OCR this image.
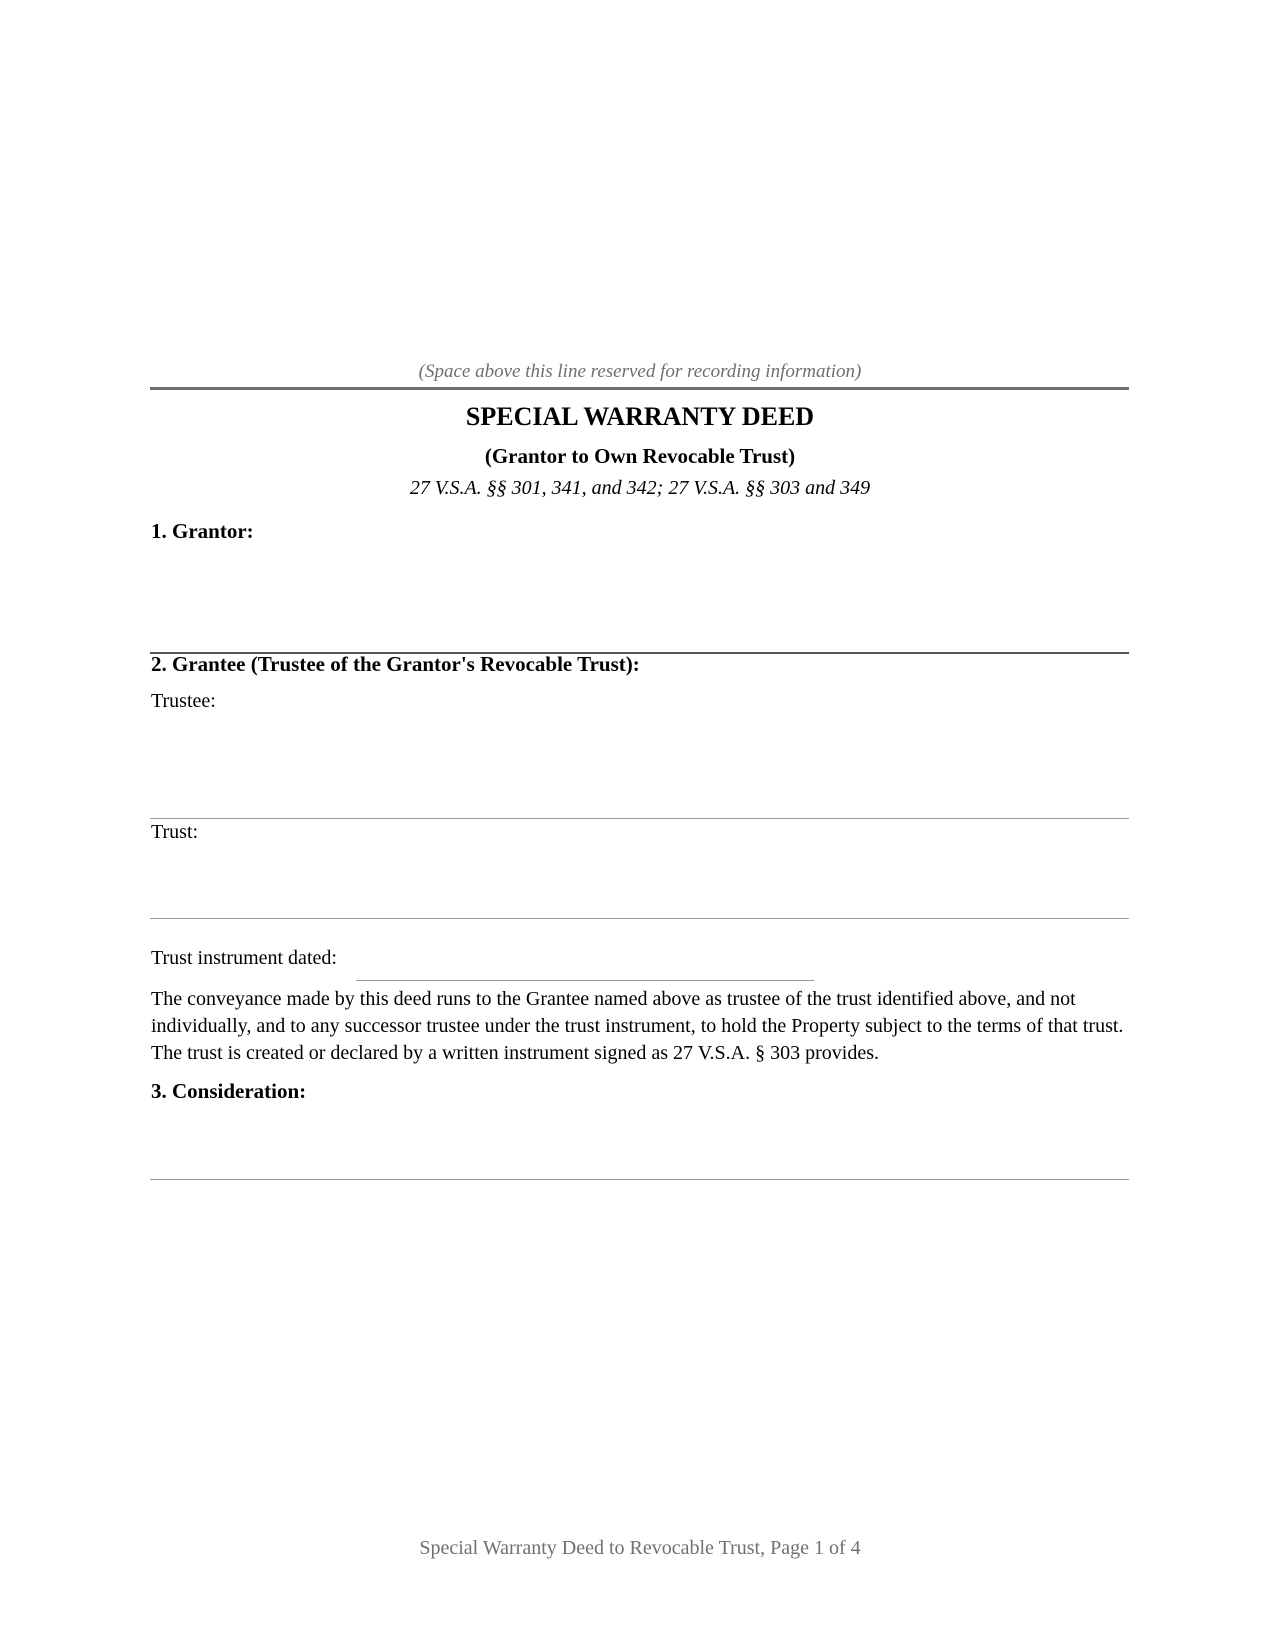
(Space above this line reserved for recording information)
SPECIAL WARRANTY DEED
(Grantor to Own Revocable Trust)
27 V.S.A. §§ 301, 341, and 342; 27 V.S.A. §§ 303 and 349
1. Grantor:
2. Grantee (Trustee of the Grantor's Revocable Trust):
Trustee:
Trust:
Trust instrument dated:
The conveyance made by this deed runs to the Grantee named above as trustee of the trust identified above, and not individually, and to any successor trustee under the trust instrument, to hold the Property subject to the terms of that trust. The trust is created or declared by a written instrument signed as 27 V.S.A. § 303 provides.
3. Consideration:
Special Warranty Deed to Revocable Trust, Page 1 of 4
